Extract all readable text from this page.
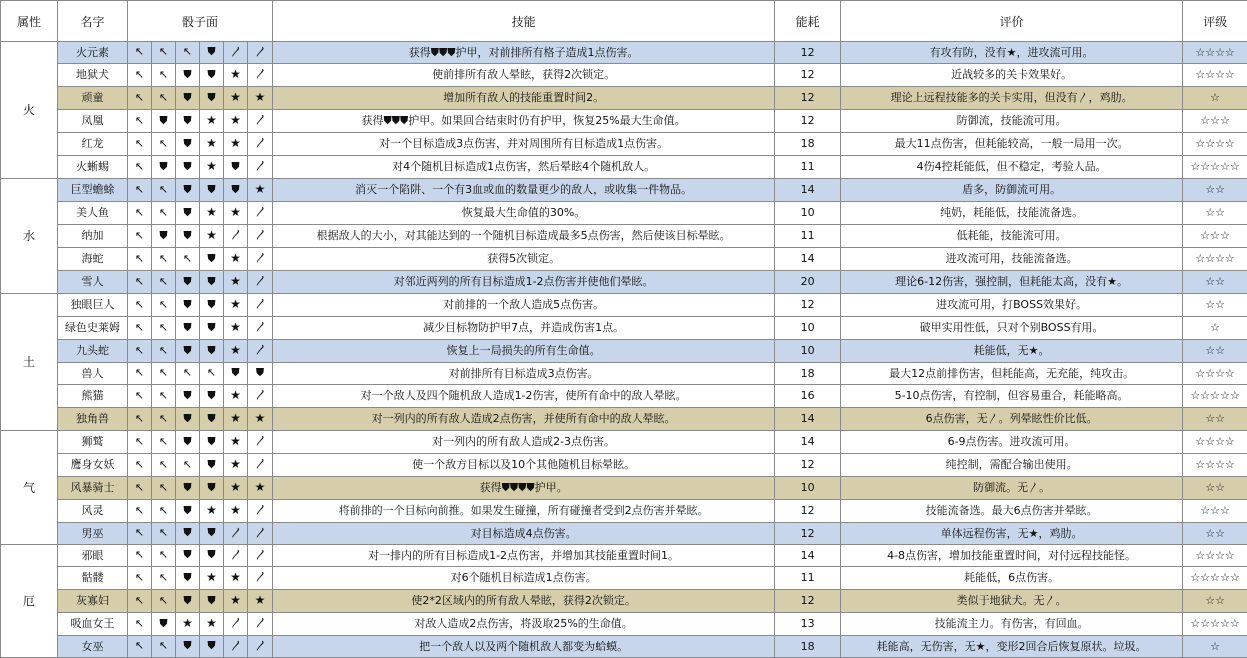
属性	名字	骰子面						技能	能耗	评价	评级
火	火元素	↖	↖	↖	⛊	〳	〳	获得⛊⛊⛊护甲，对前排所有格子造成1点伤害。	12	有攻有防，没有★，进攻流可用。	☆☆☆☆
	地狱犬	↖	↖	⛊	⛊	★	〳	使前排所有敌人晕眩，获得2次锁定。	12	近战较多的关卡效果好。	☆☆☆☆
	顽童	↖	↖	⛊	⛊	★	★	增加所有敌人的技能重置时间2。	12	理论上远程技能多的关卡实用，但没有〳，鸡肋。	☆
	凤凰	↖	⛊	⛊	★	★	〳	获得⛊⛊⛊护甲。如果回合结束时仍有护甲，恢复25%最大生命值。	12	防御流，技能流可用。	☆☆☆
	红龙	↖	↖	⛊	★	★	〳	对一个目标造成3点伤害，并对周围所有目标造成1点伤害。	18	最大11点伤害，但耗能较高，一般一局用一次。	☆☆☆☆
	火蜥蜴	↖	⛊	⛊	★	⛊	〳	对4个随机目标造成1点伤害，然后晕眩4个随机敌人。	11	4伤4控耗能低，但不稳定，考验人品。	☆☆☆☆☆
水	巨型蟾蜍	↖	↖	⛊	⛊	⛊	★	消灭一个陷阱、一个有3血或血的数量更少的敌人，或收集一件物品。	14	盾多，防御流可用。	☆☆
	美人鱼	↖	↖	⛊	★	★	〳	恢复最大生命值的30%。	10	纯奶，耗能低，技能流备选。	☆☆
	纳加	↖	⛊	⛊	★	〳	〳	根据敌人的大小，对其能达到的一个随机目标造成最多5点伤害，然后使该目标晕眩。	11	低耗能，技能流可用。	☆☆☆
	海蛇	↖	↖	↖	⛊	★	〳	获得5次锁定。	14	进攻流可用，技能流备选。	☆☆☆☆
	雪人	↖	↖	⛊	⛊	★	〳	对邻近两列的所有目标造成1-2点伤害并使他们晕眩。	20	理论6-12伤害，强控制，但耗能太高，没有★。	☆☆
土	独眼巨人	↖	↖	⛊	⛊	★	〳	对前排的一个敌人造成5点伤害。	12	进攻流可用，打BOSS效果好。	☆☆
	绿色史莱姆	↖	↖	⛊	⛊	★	〳	减少目标物防护甲7点，并造成伤害1点。	10	破甲实用性低，只对个别BOSS有用。	☆
	九头蛇	↖	↖	⛊	⛊	★	〳	恢复上一局损失的所有生命值。	10	耗能低，无★。	☆☆
	兽人	↖	↖	↖	↖	⛊	⛊	对前排所有目标造成3点伤害。	18	最大12点前排伤害，但耗能高，无充能，纯攻击。	☆☆☆☆
	熊猫	↖	↖	⛊	⛊	★	〳	对一个敌人及四个随机敌人造成1-2伤害，使所有命中的敌人晕眩。	16	5-10点伤害，有控制，但容易重合，耗能略高。	☆☆☆☆☆
	独角兽	↖	↖	⛊	⛊	★	★	对一列内的所有敌人造成2点伤害，并使所有命中的敌人晕眩。	14	6点伤害，无〳。列晕眩性价比低。	☆☆
气	狮鹫	↖	↖	⛊	⛊	★	〳	对一列内的所有敌人造成2-3点伤害。	14	6-9点伤害。进攻流可用。	☆☆☆☆
	鹰身女妖	↖	↖	↖	⛊	★	〳	使一个敌方目标以及10个其他随机目标晕眩。	12	纯控制，需配合输出使用。	☆☆☆☆
	风暴骑士	↖	↖	⛊	⛊	★	★	获得⛊⛊⛊⛊护甲。	10	防御流。无〳。	☆☆
	风灵	↖	↖	⛊	★	★	〳	将前排的一个目标向前推。如果发生碰撞，所有碰撞者受到2点伤害并晕眩。	12	技能流备选。最大6点伤害并晕眩。	☆☆☆
	男巫	↖	↖	⛊	⛊	〳	〳	对目标造成4点伤害。	12	单体远程伤害，无★，鸡肋。	☆☆
厄	邪眼	↖	↖	⛊	⛊	〳	〳	对一排内的所有目标造成1-2点伤害，并增加其技能重置时间1。	14	4-8点伤害，增加技能重置时间，对付远程技能怪。	☆☆☆☆
	骷髅	↖	↖	⛊	★	★	〳	对6个随机目标造成1点伤害。	11	耗能低，6点伤害。	☆☆☆☆☆
	灰寡妇	↖	↖	⛊	⛊	★	★	使2*2区域内的所有敌人晕眩，获得2次锁定。	12	类似于地狱犬。无〳。	☆☆
	吸血女王	↖	⛊	★	★	〳	〳	对敌人造成2点伤害，将汲取25%的生命值。	13	技能流主力。有伤害，有回血。	☆☆☆☆☆
	女巫	↖	↖	⛊	⛊	〳	〳	把一个敌人以及两个随机敌人都变为蛤蟆。	18	耗能高，无伤害，无★，变形2回合后恢复原状。垃圾。	☆
